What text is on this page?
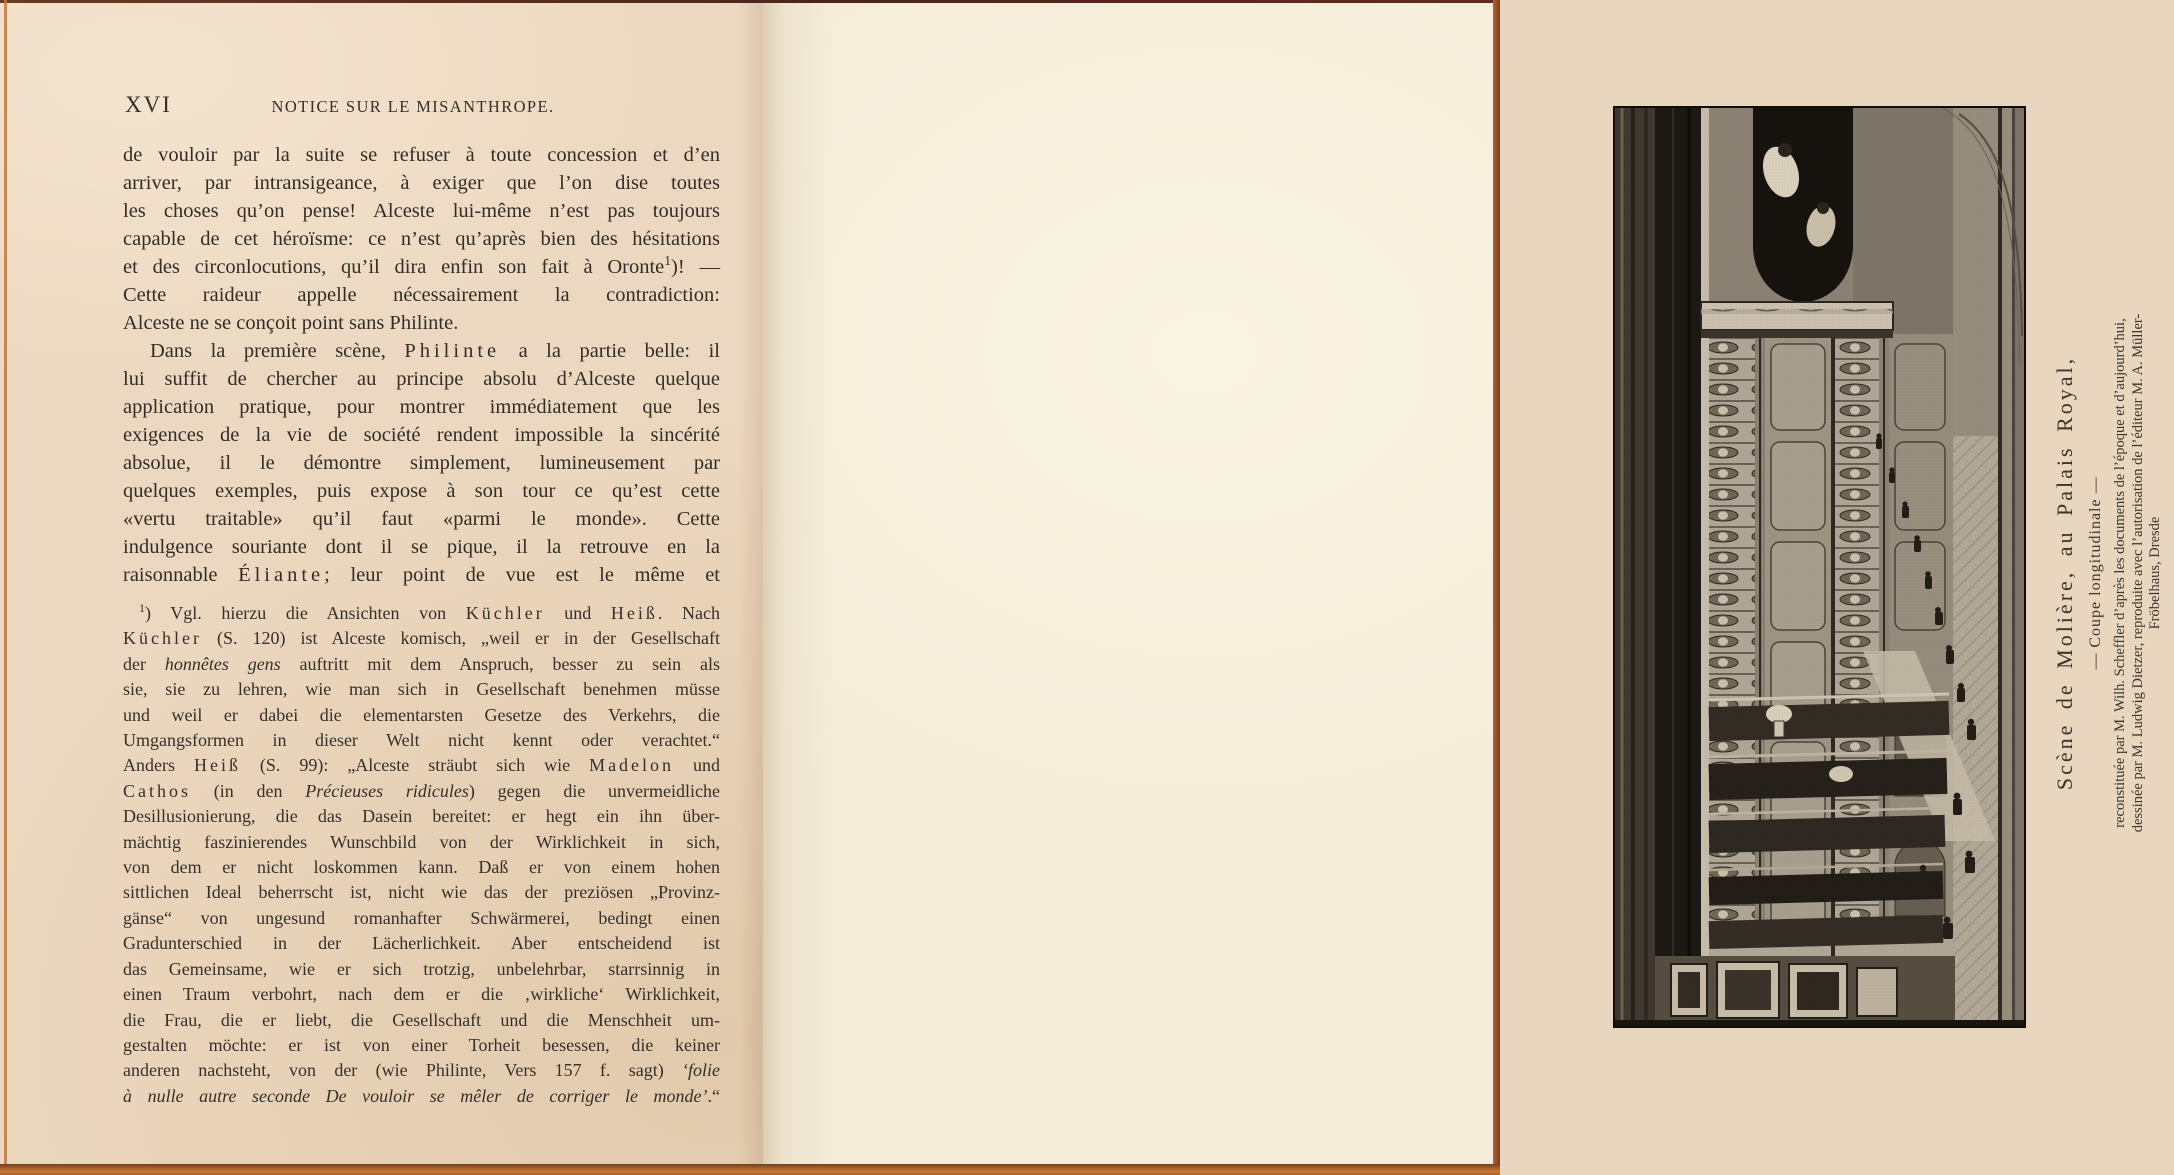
XVI	NOTICE SUR LE MISANTHROPE.
de vouloir par la suite se refuser à toute concession et d’en
arriver, par intransigeance, à exiger que l’on dise toutes
les choses qu’on pense! Alceste lui-même n’est pas toujours
capable de cet héroïsme: ce n’est qu’après bien des hésitations
et des circonlocutions, qu’il dira enfin son fait à Oronte$^1$)! —
Cette raideur appelle nécessairement la contradiction:
Alceste ne se conçoit point sans Philinte.
Dans la première scène, Philinte a la partie belle: il
lui suffit de chercher au principe absolu d’Alceste quelque
application pratique, pour montrer immédiatement que les
exigences de la vie de société rendent impossible la sincérité
absolue, il le démontre simplement, lumineusement par
quelques exemples, puis expose à son tour ce qu’est cette
«vertu traitable» qu’il faut «parmi le monde». Cette
indulgence souriante dont il se pique, il la retrouve en la
raisonnable Éliante; leur point de vue est le même et
$^1$) Vgl. hierzu die Ansichten von Küchler und Heiß. Nach
Küchler (S. 120) ist Alceste komisch, „weil er in der Gesellschaft
der honnêtes gens auftritt mit dem Anspruch, besser zu sein als
sie, sie zu lehren, wie man sich in Gesellschaft benehmen müsse
und weil er dabei die elementarsten Gesetze des Verkehrs, die
Umgangsformen in dieser Welt nicht kennt oder verachtet.“
Anders Heiß (S. 99): „Alceste sträubt sich wie Madelon und
Cathos (in den Précieuses ridicules) gegen die unvermeidliche
Desillusionierung, die das Dasein bereitet: er hegt ein ihn über-
mächtig faszinierendes Wunschbild von der Wirklichkeit in sich,
von dem er nicht loskommen kann. Daß er von einem hohen
sittlichen Ideal beherrscht ist, nicht wie das der preziösen „Provinz-
gänse“ von ungesund romanhafter Schwärmerei, bedingt einen
Gradunterschied in der Lächerlichkeit. Aber entscheidend ist
das Gemeinsame, wie er sich trotzig, unbelehrbar, starrsinnig in
einen Traum verbohrt, nach dem er die ‚wirkliche‘ Wirklichkeit,
die Frau, die er liebt, die Gesellschaft und die Menschheit um-
gestalten möchte: er ist von einer Torheit besessen, die keiner
anderen nachsteht, von der (wie Philinte, Vers 157 f. sagt) ‘folie
à nulle autre seconde De vouloir se mêler de corriger le monde’.“
Scène de Molière, au Palais Royal, — Coupe longitudinale — reconstituée par M. Wilh. Scheffler d’après les documents de l’époque et d’aujourd’hui, dessinée par M. Ludwig Dietzer, reproduite avec l’autorisation de l’éditeur M. A. Müller- Fröbelhaus, Dresde
